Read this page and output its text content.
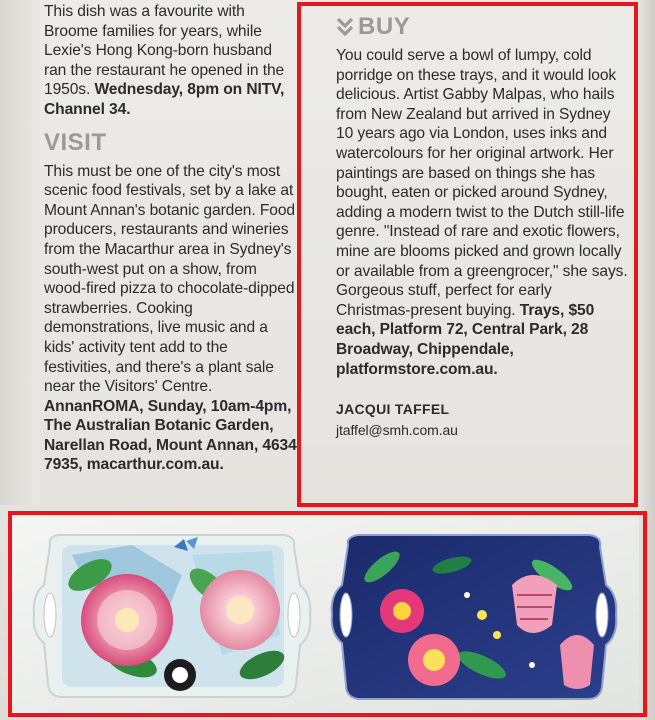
This dish was a favourite with Broome families for years, while Lexie's Hong Kong-born husband ran the restaurant he opened in the 1950s. Wednesday, 8pm on NITV, Channel 34.

VISIT

This must be one of the city's most scenic food festivals, set by a lake at Mount Annan's botanic garden. Food producers, restaurants and wineries from the Macarthur area in Sydney's south-west put on a show, from wood-fired pizza to chocolate-dipped strawberries. Cooking demonstrations, live music and a kids' activity tent add to the festivities, and there's a plant sale near the Visitors' Centre. AnnanROMA, Sunday, 10am-4pm, The Australian Botanic Garden, Narellan Road, Mount Annan, 4634 7935, macarthur.com.au.

BUY

You could serve a bowl of lumpy, cold porridge on these trays, and it would look delicious. Artist Gabby Malpas, who hails from New Zealand but arrived in Sydney 10 years ago via London, uses inks and watercolours for her original artwork. Her paintings are based on things she has bought, eaten or picked around Sydney, adding a modern twist to the Dutch still-life genre. "Instead of rare and exotic flowers, mine are blooms picked and grown locally or available from a greengrocer," she says. Gorgeous stuff, perfect for early Christmas-present buying. Trays, $50 each, Platform 72, Central Park, 28 Broadway, Chippendale, platformstore.com.au.

JACQUI TAFFEL
jtaffel@smh.com.au
